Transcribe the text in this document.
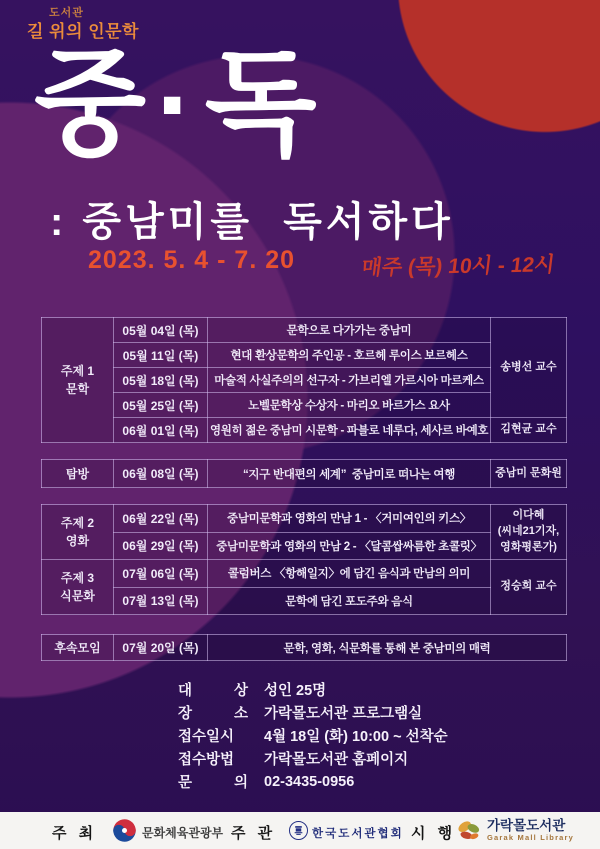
도서관
길 위의 인문학
중·독
: 중남미를  독서하다
2023. 5. 4 - 7. 20	매주 (목) 10시 - 12시
주제 1
문학	05월 04일 (목)	문학으로 다가가는 중남미	송병선 교수
	05월 11일 (목)	현대 환상문학의 주인공 - 호르헤 루이스 보르헤스	
	05월 18일 (목)	마술적 사실주의의 선구자 - 가브리엘 가르시아 마르케스	
	05월 25일 (목)	노벨문학상 수상자 - 마리오 바르가스 요사	
	06월 01일 (목)	영원히 젊은 중남미 시문학 - 파블로 네루다, 세사르 바예호	김현균 교수
탐방	06월 08일 (목)	“지구 반대편의 세계”  중남미로 떠나는 여행	중남미 문화원
주제 2
영화	06월 22일 (목)	중남미문학과 영화의 만남 1 - 〈거미여인의 키스〉	이다혜
(씨네21기자,
영화평론가)
	06월 29일 (목)	중남미문학과 영화의 만남 2 - 〈달콤쌉싸름한 초콜릿〉	
주제 3
식문화	07월 06일 (목)	콜럼버스 〈항해일지〉에 담긴 음식과 만남의 의미	정승희 교수
	07월 13일 (목)	문학에 담긴 포도주와 음식	
후속모임	07월 20일 (목)	문학, 영화, 식문화를 통해 본 중남미의 매력
대 상 성인 25명
장 소 가락몰도서관 프로그램실
접수일시	4월 18일 (화) 10:00 ~ 선착순
접수방법	가락몰도서관 홈페이지
문 의 02-3435-0956
주 최	문화체육관광부 주 관	한국도서관협회 시 행 가락몰도서관
Garak Mall Library
